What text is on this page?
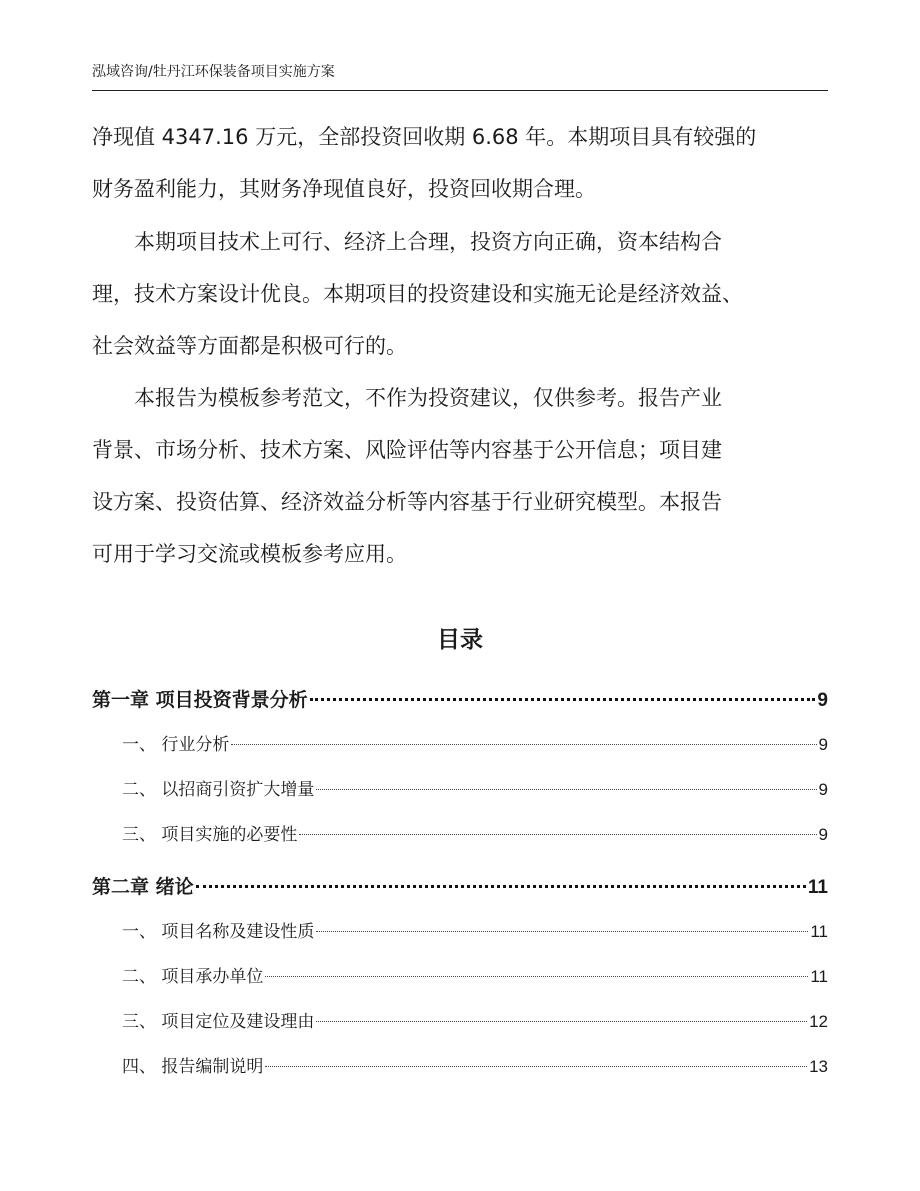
泓域咨询/牡丹江环保装备项目实施方案

净现值 4347.16 万元，全部投资回收期 6.68 年。本期项目具有较强的

财务盈利能力，其财务净现值良好，投资回收期合理。

本期项目技术上可行、经济上合理，投资方向正确，资本结构合

理，技术方案设计优良。本期项目的投资建设和实施无论是经济效益、

社会效益等方面都是积极可行的。

本报告为模板参考范文，不作为投资建议，仅供参考。报告产业

背景、市场分析、技术方案、风险评估等内容基于公开信息；项目建

设方案、投资估算、经济效益分析等内容基于行业研究模型。本报告

可用于学习交流或模板参考应用。

目录
第一章 项目投资背景分析	9
一、 行业分析	9
二、 以招商引资扩大增量	9
三、 项目实施的必要性	9
第二章 绪论	11
一、 项目名称及建设性质	11
二、 项目承办单位	11
三、 项目定位及建设理由	12
四、 报告编制说明	13
